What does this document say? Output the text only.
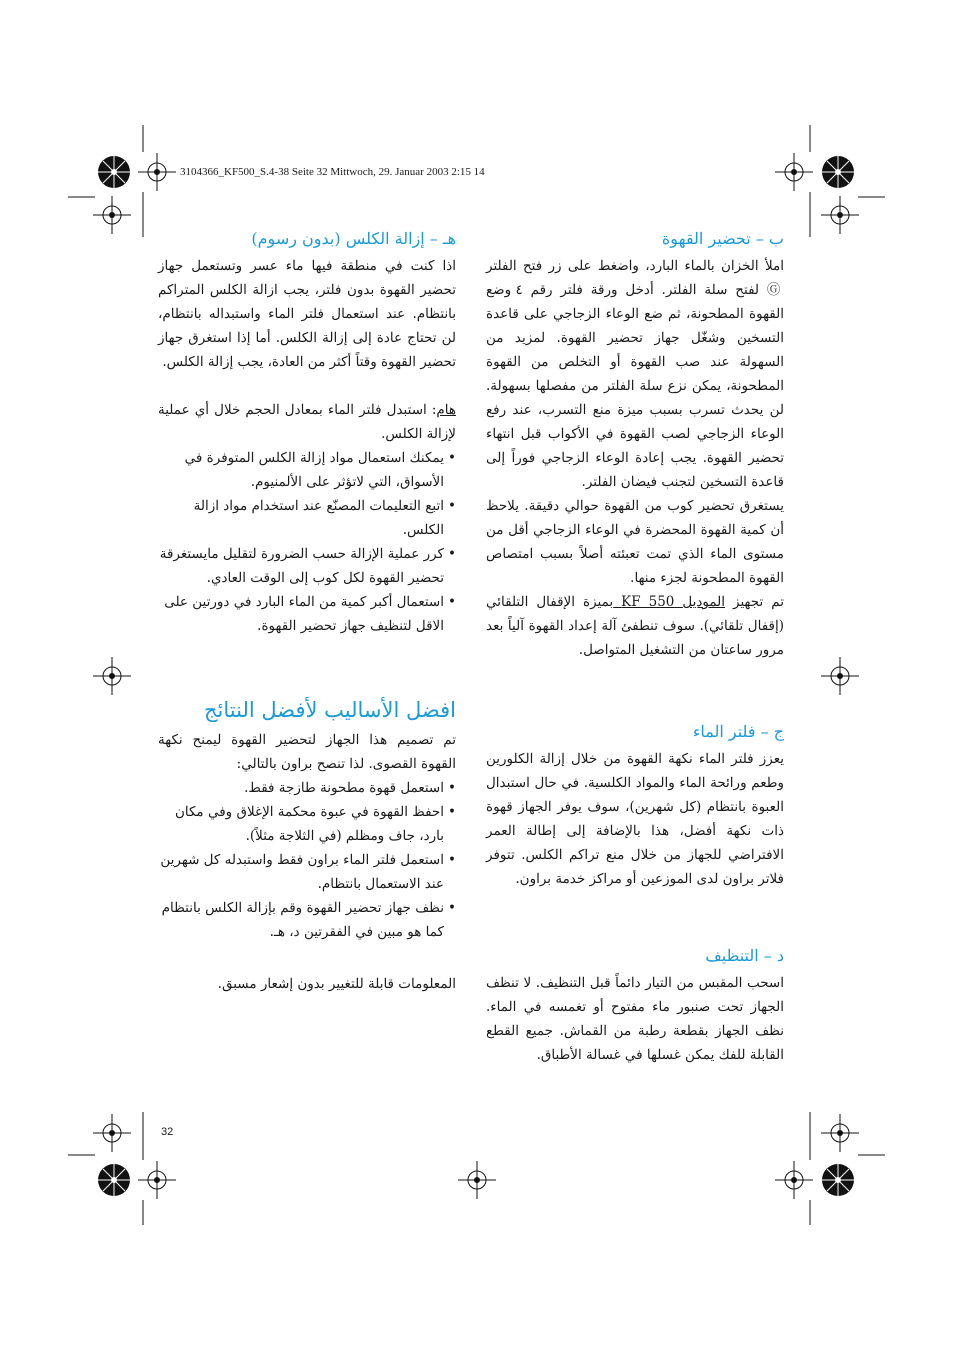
3104366_KF500_S.4-38 Seite 32 Mittwoch, 29. Januar 2003 2:15 14
ب – تحضير القهوة

املأ الخزان بالماء البارد، واضغط على زر فتح الفلتر Ⓖ لفتح سلة الفلتر. أدخل ورقة فلتر رقم ٤ وضع القهوة المطحونة، ثم ضع الوعاء الزجاجي على قاعدة التسخين وشغّل جهاز تحضير القهوة. لمزيد من السهولة عند صب القهوة أو التخلص من القهوة المطحونة، يمكن نزع سلة الفلتر من مفصلها بسهولة. لن يحدث تسرب بسبب ميزة منع التسرب، عند رفع الوعاء الزجاجي لصب القهوة في الأكواب قبل انتهاء تحضير القهوة. يجب إعادة الوعاء الزجاجي فوراً إلى قاعدة التسخين لتجنب فيضان الفلتر.

يستغرق تحضير كوب من القهوة حوالي دقيقة. يلاحظ أن كمية القهوة المحضرة في الوعاء الزجاجي أقل من مستوى الماء الذي تمت تعبئته أصلاً بسبب امتصاص القهوة المطحونة لجزء منها.

تم تجهيز الموديل KF 550 بميزة الإقفال التلقائي (إقفال تلقائي). سوف تنطفئ آلة إعداد القهوة آلياً بعد مرور ساعتان من التشغيل المتواصل.

ج – فلتر الماء

يعزز فلتر الماء نكهة القهوة من خلال إزالة الكلورين وطعم ورائحة الماء والمواد الكلسية. في حال استبدال العبوة بانتظام (كل شهرين)، سوف يوفر الجهاز قهوة ذات نكهة أفضل، هذا بالإضافة إلى إطالة العمر الافتراضي للجهاز من خلال منع تراكم الكلس. تتوفر فلاتر براون لدى الموزعين أو مراكز خدمة براون.

د – التنظيف

اسحب المقبس من التيار دائماً قبل التنظيف. لا تنظف الجهاز تحت صنبور ماء مفتوح أو تغمسه في الماء. نظف الجهاز بقطعة رطبة من القماش. جميع القطع القابلة للفك يمكن غسلها في غسالة الأطباق.

هـ – إزالة الكلس (بدون رسوم)

اذا كنت في منطقة فيها ماء عسر وتستعمل جهاز تحضير القهوة بدون فلتر، يجب ازالة الكلس المتراكم بانتظام. عند استعمال فلتر الماء واستبداله بانتظام، لن تحتاج عادة إلى إزالة الكلس. أما إذا استغرق جهاز تحضير القهوة وقتاً أكثر من العادة، يجب إزالة الكلس.

هام: استبدل فلتر الماء بمعادل الحجم خلال أي عملية لإزالة الكلس.

•
يمكنك استعمال مواد إزالة الكلس المتوفرة في الأسواق، التي لاتؤثر على الألمنيوم.
•
اتبع التعليمات المصنّع عند استخدام مواد ازالة الكلس.
•
كرر عملية الإزالة حسب الضرورة لتقليل مايستغرقة تحضير القهوة لكل كوب إلى الوقت العادي.
•
استعمال أكبر كمية من الماء البارد في دورتين على الاقل لتنظيف جهاز تحضير القهوة.
افضل الأساليب لأفضل النتائج

تم تصميم هذا الجهاز لتحضير القهوة ليمنح نكهة القهوة القصوى. لذا تنصح براون بالتالي:

•
استعمل قهوة مطحونة طازجة فقط.
•
احفظ القهوة في عبوة محكمة الإغلاق وفي مكان بارد، جاف ومظلم (في الثلاجة مثلاً).
•
استعمل فلتر الماء براون فقط واستبدله كل شهرين عند الاستعمال بانتظام.
•
نظف جهاز تحضير القهوة وقم بإزالة الكلس بانتظام كما هو مبين في الفقرتين د، هـ.

المعلومات قابلة للتغيير بدون إشعار مسبق.

32
